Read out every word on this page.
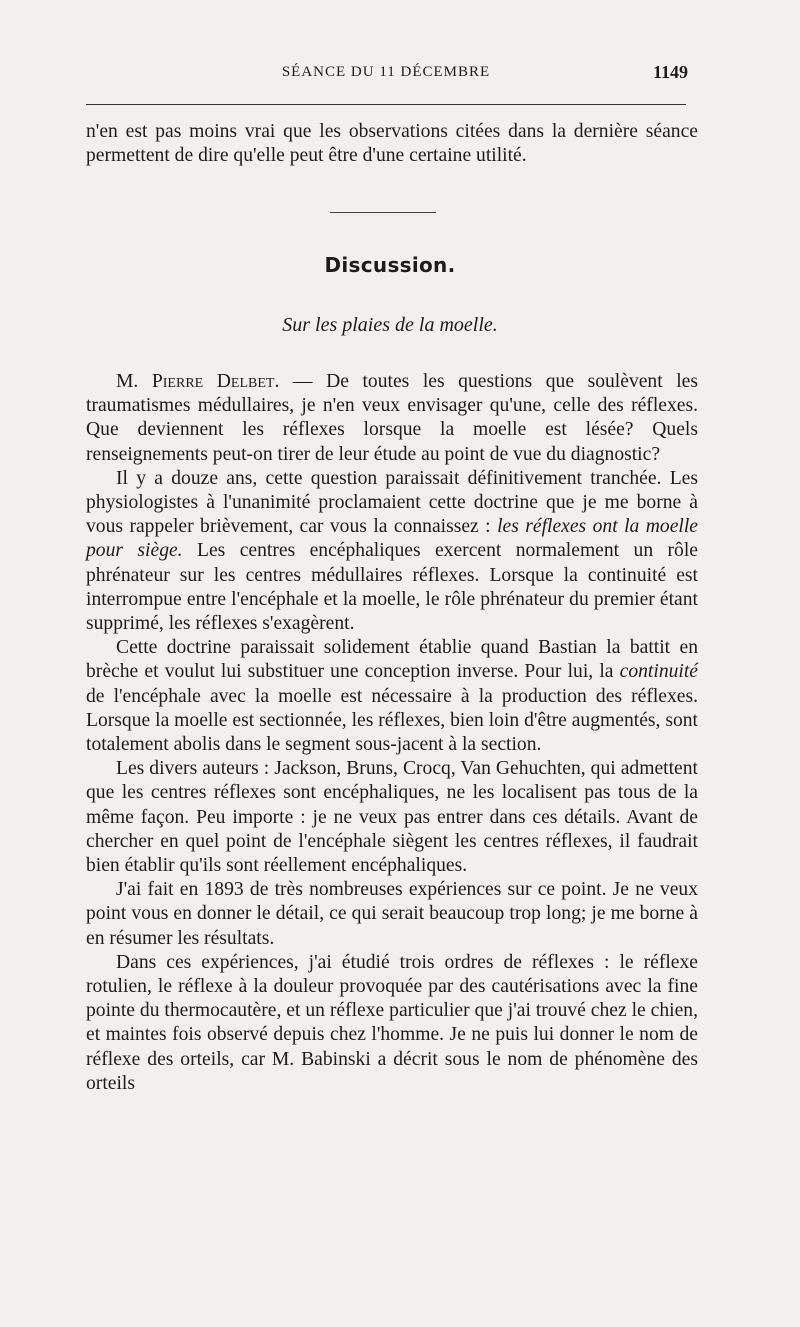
SÉANCE DU 11 DÉCEMBRE	1149

n'en est pas moins vrai que les observations citées dans la dernière séance permettent de dire qu'elle peut être d'une certaine utilité.

Discussion.
Sur les plaies de la moelle.

M. Pierre Delbet. — De toutes les questions que soulèvent les traumatismes médullaires, je n'en veux envisager qu'une, celle des réflexes. Que deviennent les réflexes lorsque la moelle est lésée? Quels renseignements peut-on tirer de leur étude au point de vue du diagnostic?

Il y a douze ans, cette question paraissait définitivement tranchée. Les physiologistes à l'unanimité proclamaient cette doctrine que je me borne à vous rappeler brièvement, car vous la connaissez : les réflexes ont la moelle pour siège. Les centres encéphaliques exercent normalement un rôle phrénateur sur les centres médullaires réflexes. Lorsque la continuité est interrompue entre l'encéphale et la moelle, le rôle phrénateur du premier étant supprimé, les réflexes s'exagèrent.

Cette doctrine paraissait solidement établie quand Bastian la battit en brèche et voulut lui substituer une conception inverse. Pour lui, la continuité de l'encéphale avec la moelle est nécessaire à la production des réflexes. Lorsque la moelle est sectionnée, les réflexes, bien loin d'être augmentés, sont totalement abolis dans le segment sous-jacent à la section.

Les divers auteurs : Jackson, Bruns, Crocq, Van Gehuchten, qui admettent que les centres réflexes sont encéphaliques, ne les localisent pas tous de la même façon. Peu importe : je ne veux pas entrer dans ces détails. Avant de chercher en quel point de l'encéphale siègent les centres réflexes, il faudrait bien établir qu'ils sont réellement encéphaliques.

J'ai fait en 1893 de très nombreuses expériences sur ce point. Je ne veux point vous en donner le détail, ce qui serait beaucoup trop long; je me borne à en résumer les résultats.

Dans ces expériences, j'ai étudié trois ordres de réflexes : le réflexe rotulien, le réflexe à la douleur provoquée par des cautérisations avec la fine pointe du thermocautère, et un réflexe particulier que j'ai trouvé chez le chien, et maintes fois observé depuis chez l'homme. Je ne puis lui donner le nom de réflexe des orteils, car M. Babinski a décrit sous le nom de phénomène des orteils
